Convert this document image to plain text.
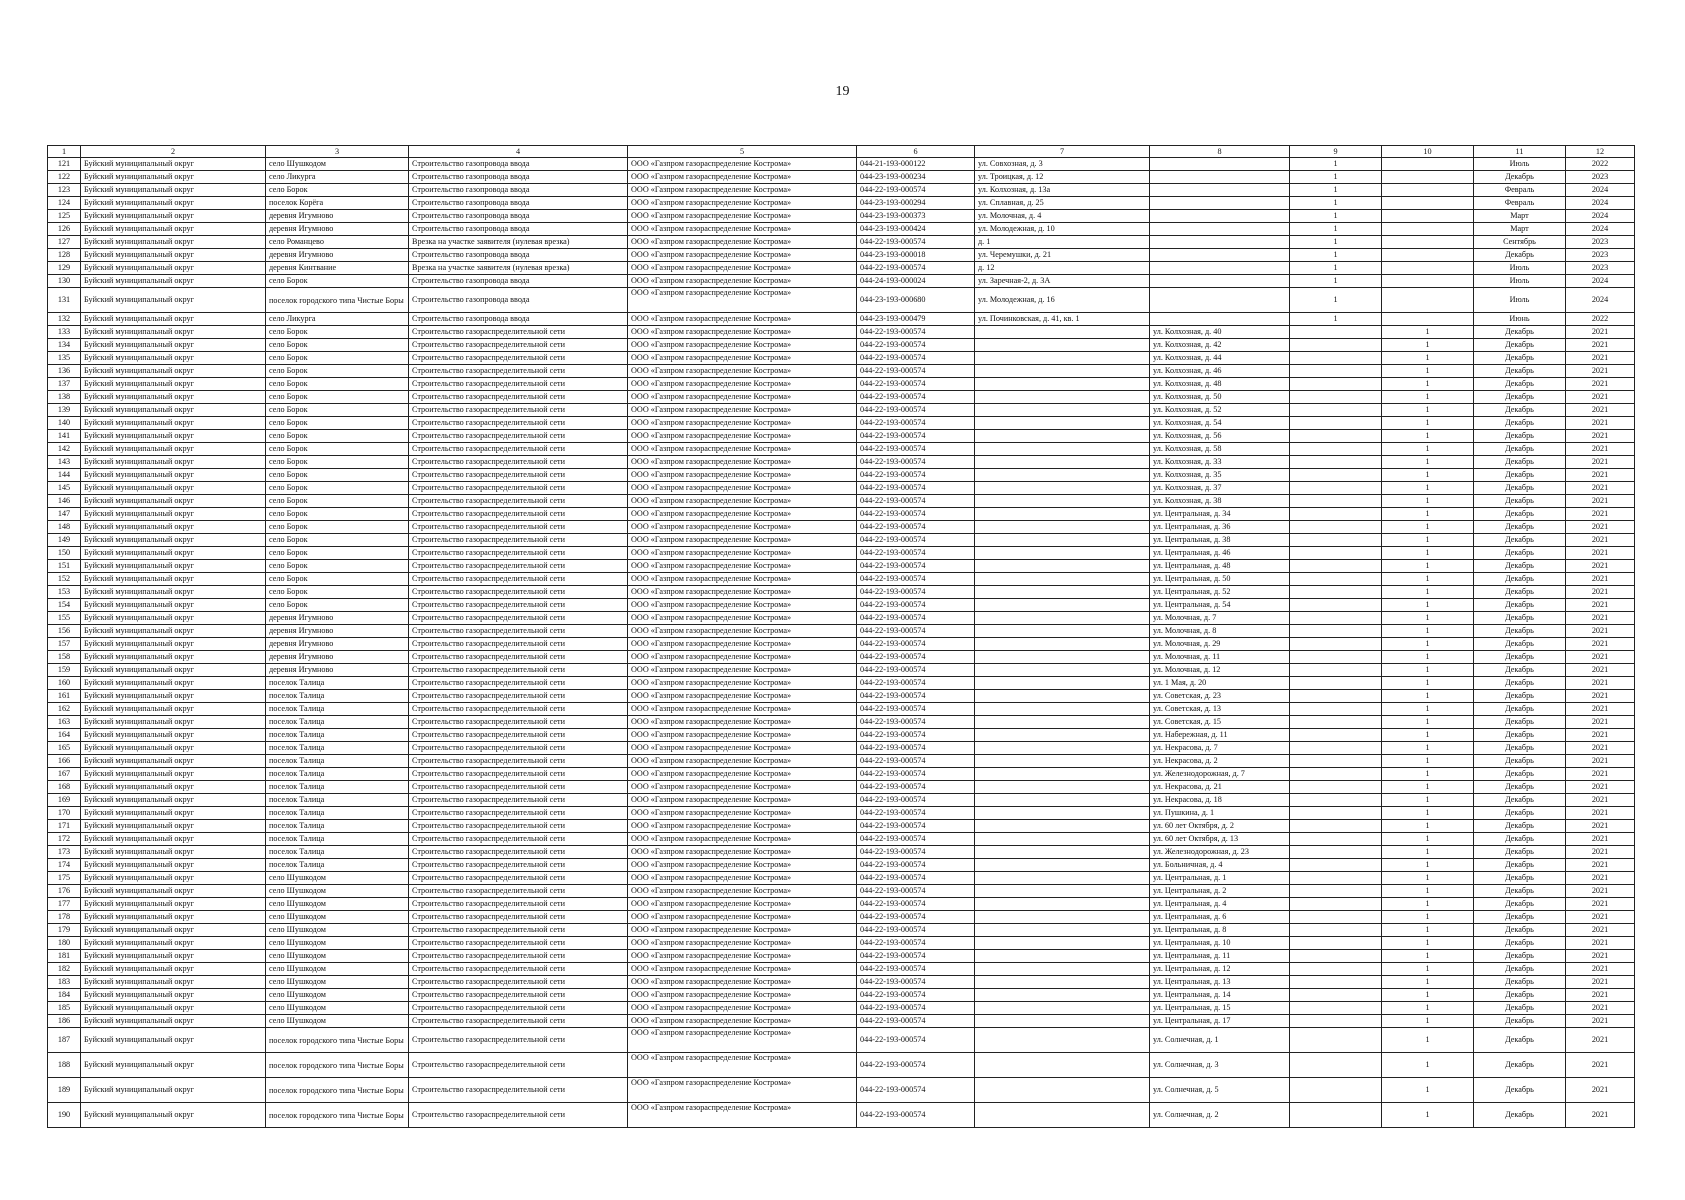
19
1	2	3	4	5	6	7	8	9	10	11	12
121	Буйский муниципальный округ	село Шушкодом	Строительство газопровода ввода	ООО «Газпром газораспределение Кострома»	044-21-193-000122	ул. Совхозная, д. 3		1		Июль	2022
122	Буйский муниципальный округ	село Ликурга	Строительство газопровода ввода	ООО «Газпром газораспределение Кострома»	044-23-193-000234	ул. Троицкая, д. 12		1		Декабрь	2023
123	Буйский муниципальный округ	село Борок	Строительство газопровода ввода	ООО «Газпром газораспределение Кострома»	044-22-193-000574	ул. Колхозная, д. 13а		1		Февраль	2024
124	Буйский муниципальный округ	поселок Корёга	Строительство газопровода ввода	ООО «Газпром газораспределение Кострома»	044-23-193-000294	ул. Сплавная, д. 25		1		Февраль	2024
125	Буйский муниципальный округ	деревня Игумново	Строительство газопровода ввода	ООО «Газпром газораспределение Кострома»	044-23-193-000373	ул. Молочная, д. 4		1		Март	2024
126	Буйский муниципальный округ	деревня Игумново	Строительство газопровода ввода	ООО «Газпром газораспределение Кострома»	044-23-193-000424	ул. Молодежная, д. 10		1		Март	2024
127	Буйский муниципальный округ	село Романцево	Врезка на участке заявителя (нулевая врезка)	ООО «Газпром газораспределение Кострома»	044-22-193-000574	д. 1		1		Сентябрь	2023
128	Буйский муниципальный округ	деревня Игумново	Строительство газопровода ввода	ООО «Газпром газораспределение Кострома»	044-23-193-000018	ул. Черемушки, д. 21		1		Декабрь	2023
129	Буйский муниципальный округ	деревня Кинтвание	Врезка на участке заявителя (нулевая врезка)	ООО «Газпром газораспределение Кострома»	044-22-193-000574	д. 12		1		Июль	2023
130	Буйский муниципальный округ	село Борок	Строительство газопровода ввода	ООО «Газпром газораспределение Кострома»	044-24-193-000024	ул. Заречная-2, д. 3А		1		Июль	2024
131	Буйский муниципальный округ	поселок городского типа Чистые Боры	Строительство газопровода ввода	ООО «Газпром газораспределение Кострома»	044-23-193-000680	ул. Молодежная, д. 16		1		Июль	2024
132	Буйский муниципальный округ	село Ликурга	Строительство газопровода ввода	ООО «Газпром газораспределение Кострома»	044-23-193-000479	ул. Починковская, д. 41, кв. 1		1		Июнь	2022
133	Буйский муниципальный округ	село Борок	Строительство газораспределительной сети	ООО «Газпром газораспределение Кострома»	044-22-193-000574		ул. Колхозная, д. 40		1	Декабрь	2021
134	Буйский муниципальный округ	село Борок	Строительство газораспределительной сети	ООО «Газпром газораспределение Кострома»	044-22-193-000574		ул. Колхозная, д. 42		1	Декабрь	2021
135	Буйский муниципальный округ	село Борок	Строительство газораспределительной сети	ООО «Газпром газораспределение Кострома»	044-22-193-000574		ул. Колхозная, д. 44		1	Декабрь	2021
136	Буйский муниципальный округ	село Борок	Строительство газораспределительной сети	ООО «Газпром газораспределение Кострома»	044-22-193-000574		ул. Колхозная, д. 46		1	Декабрь	2021
137	Буйский муниципальный округ	село Борок	Строительство газораспределительной сети	ООО «Газпром газораспределение Кострома»	044-22-193-000574		ул. Колхозная, д. 48		1	Декабрь	2021
138	Буйский муниципальный округ	село Борок	Строительство газораспределительной сети	ООО «Газпром газораспределение Кострома»	044-22-193-000574		ул. Колхозная, д. 50		1	Декабрь	2021
139	Буйский муниципальный округ	село Борок	Строительство газораспределительной сети	ООО «Газпром газораспределение Кострома»	044-22-193-000574		ул. Колхозная, д. 52		1	Декабрь	2021
140	Буйский муниципальный округ	село Борок	Строительство газораспределительной сети	ООО «Газпром газораспределение Кострома»	044-22-193-000574		ул. Колхозная, д. 54		1	Декабрь	2021
141	Буйский муниципальный округ	село Борок	Строительство газораспределительной сети	ООО «Газпром газораспределение Кострома»	044-22-193-000574		ул. Колхозная, д. 56		1	Декабрь	2021
142	Буйский муниципальный округ	село Борок	Строительство газораспределительной сети	ООО «Газпром газораспределение Кострома»	044-22-193-000574		ул. Колхозная, д. 58		1	Декабрь	2021
143	Буйский муниципальный округ	село Борок	Строительство газораспределительной сети	ООО «Газпром газораспределение Кострома»	044-22-193-000574		ул. Колхозная, д. 33		1	Декабрь	2021
144	Буйский муниципальный округ	село Борок	Строительство газораспределительной сети	ООО «Газпром газораспределение Кострома»	044-22-193-000574		ул. Колхозная, д. 35		1	Декабрь	2021
145	Буйский муниципальный округ	село Борок	Строительство газораспределительной сети	ООО «Газпром газораспределение Кострома»	044-22-193-000574		ул. Колхозная, д. 37		1	Декабрь	2021
146	Буйский муниципальный округ	село Борок	Строительство газораспределительной сети	ООО «Газпром газораспределение Кострома»	044-22-193-000574		ул. Колхозная, д. 38		1	Декабрь	2021
147	Буйский муниципальный округ	село Борок	Строительство газораспределительной сети	ООО «Газпром газораспределение Кострома»	044-22-193-000574		ул. Центральная, д. 34		1	Декабрь	2021
148	Буйский муниципальный округ	село Борок	Строительство газораспределительной сети	ООО «Газпром газораспределение Кострома»	044-22-193-000574		ул. Центральная, д. 36		1	Декабрь	2021
149	Буйский муниципальный округ	село Борок	Строительство газораспределительной сети	ООО «Газпром газораспределение Кострома»	044-22-193-000574		ул. Центральная, д. 38		1	Декабрь	2021
150	Буйский муниципальный округ	село Борок	Строительство газораспределительной сети	ООО «Газпром газораспределение Кострома»	044-22-193-000574		ул. Центральная, д. 46		1	Декабрь	2021
151	Буйский муниципальный округ	село Борок	Строительство газораспределительной сети	ООО «Газпром газораспределение Кострома»	044-22-193-000574		ул. Центральная, д. 48		1	Декабрь	2021
152	Буйский муниципальный округ	село Борок	Строительство газораспределительной сети	ООО «Газпром газораспределение Кострома»	044-22-193-000574		ул. Центральная, д. 50		1	Декабрь	2021
153	Буйский муниципальный округ	село Борок	Строительство газораспределительной сети	ООО «Газпром газораспределение Кострома»	044-22-193-000574		ул. Центральная, д. 52		1	Декабрь	2021
154	Буйский муниципальный округ	село Борок	Строительство газораспределительной сети	ООО «Газпром газораспределение Кострома»	044-22-193-000574		ул. Центральная, д. 54		1	Декабрь	2021
155	Буйский муниципальный округ	деревня Игумново	Строительство газораспределительной сети	ООО «Газпром газораспределение Кострома»	044-22-193-000574		ул. Молочная, д. 7		1	Декабрь	2021
156	Буйский муниципальный округ	деревня Игумново	Строительство газораспределительной сети	ООО «Газпром газораспределение Кострома»	044-22-193-000574		ул. Молочная, д. 8		1	Декабрь	2021
157	Буйский муниципальный округ	деревня Игумново	Строительство газораспределительной сети	ООО «Газпром газораспределение Кострома»	044-22-193-000574		ул. Молочная, д. 29		1	Декабрь	2021
158	Буйский муниципальный округ	деревня Игумново	Строительство газораспределительной сети	ООО «Газпром газораспределение Кострома»	044-22-193-000574		ул. Молочная, д. 11		1	Декабрь	2021
159	Буйский муниципальный округ	деревня Игумново	Строительство газораспределительной сети	ООО «Газпром газораспределение Кострома»	044-22-193-000574		ул. Молочная, д. 12		1	Декабрь	2021
160	Буйский муниципальный округ	поселок Талица	Строительство газораспределительной сети	ООО «Газпром газораспределение Кострома»	044-22-193-000574		ул. 1 Мая, д. 20		1	Декабрь	2021
161	Буйский муниципальный округ	поселок Талица	Строительство газораспределительной сети	ООО «Газпром газораспределение Кострома»	044-22-193-000574		ул. Советская, д. 23		1	Декабрь	2021
162	Буйский муниципальный округ	поселок Талица	Строительство газораспределительной сети	ООО «Газпром газораспределение Кострома»	044-22-193-000574		ул. Советская, д. 13		1	Декабрь	2021
163	Буйский муниципальный округ	поселок Талица	Строительство газораспределительной сети	ООО «Газпром газораспределение Кострома»	044-22-193-000574		ул. Советская, д. 15		1	Декабрь	2021
164	Буйский муниципальный округ	поселок Талица	Строительство газораспределительной сети	ООО «Газпром газораспределение Кострома»	044-22-193-000574		ул. Набережная, д. 11		1	Декабрь	2021
165	Буйский муниципальный округ	поселок Талица	Строительство газораспределительной сети	ООО «Газпром газораспределение Кострома»	044-22-193-000574		ул. Некрасова, д. 7		1	Декабрь	2021
166	Буйский муниципальный округ	поселок Талица	Строительство газораспределительной сети	ООО «Газпром газораспределение Кострома»	044-22-193-000574		ул. Некрасова, д. 2		1	Декабрь	2021
167	Буйский муниципальный округ	поселок Талица	Строительство газораспределительной сети	ООО «Газпром газораспределение Кострома»	044-22-193-000574		ул. Железнодорожная, д. 7		1	Декабрь	2021
168	Буйский муниципальный округ	поселок Талица	Строительство газораспределительной сети	ООО «Газпром газораспределение Кострома»	044-22-193-000574		ул. Некрасова, д. 21		1	Декабрь	2021
169	Буйский муниципальный округ	поселок Талица	Строительство газораспределительной сети	ООО «Газпром газораспределение Кострома»	044-22-193-000574		ул. Некрасова, д. 18		1	Декабрь	2021
170	Буйский муниципальный округ	поселок Талица	Строительство газораспределительной сети	ООО «Газпром газораспределение Кострома»	044-22-193-000574		ул. Пушкина, д. 1		1	Декабрь	2021
171	Буйский муниципальный округ	поселок Талица	Строительство газораспределительной сети	ООО «Газпром газораспределение Кострома»	044-22-193-000574		ул. 60 лет Октября, д. 2		1	Декабрь	2021
172	Буйский муниципальный округ	поселок Талица	Строительство газораспределительной сети	ООО «Газпром газораспределение Кострома»	044-22-193-000574		ул. 60 лет Октября, д. 13		1	Декабрь	2021
173	Буйский муниципальный округ	поселок Талица	Строительство газораспределительной сети	ООО «Газпром газораспределение Кострома»	044-22-193-000574		ул. Железнодорожная, д. 23		1	Декабрь	2021
174	Буйский муниципальный округ	поселок Талица	Строительство газораспределительной сети	ООО «Газпром газораспределение Кострома»	044-22-193-000574		ул. Больничная, д. 4		1	Декабрь	2021
175	Буйский муниципальный округ	село Шушкодом	Строительство газораспределительной сети	ООО «Газпром газораспределение Кострома»	044-22-193-000574		ул. Центральная, д. 1		1	Декабрь	2021
176	Буйский муниципальный округ	село Шушкодом	Строительство газораспределительной сети	ООО «Газпром газораспределение Кострома»	044-22-193-000574		ул. Центральная, д. 2		1	Декабрь	2021
177	Буйский муниципальный округ	село Шушкодом	Строительство газораспределительной сети	ООО «Газпром газораспределение Кострома»	044-22-193-000574		ул. Центральная, д. 4		1	Декабрь	2021
178	Буйский муниципальный округ	село Шушкодом	Строительство газораспределительной сети	ООО «Газпром газораспределение Кострома»	044-22-193-000574		ул. Центральная, д. 6		1	Декабрь	2021
179	Буйский муниципальный округ	село Шушкодом	Строительство газораспределительной сети	ООО «Газпром газораспределение Кострома»	044-22-193-000574		ул. Центральная, д. 8		1	Декабрь	2021
180	Буйский муниципальный округ	село Шушкодом	Строительство газораспределительной сети	ООО «Газпром газораспределение Кострома»	044-22-193-000574		ул. Центральная, д. 10		1	Декабрь	2021
181	Буйский муниципальный округ	село Шушкодом	Строительство газораспределительной сети	ООО «Газпром газораспределение Кострома»	044-22-193-000574		ул. Центральная, д. 11		1	Декабрь	2021
182	Буйский муниципальный округ	село Шушкодом	Строительство газораспределительной сети	ООО «Газпром газораспределение Кострома»	044-22-193-000574		ул. Центральная, д. 12		1	Декабрь	2021
183	Буйский муниципальный округ	село Шушкодом	Строительство газораспределительной сети	ООО «Газпром газораспределение Кострома»	044-22-193-000574		ул. Центральная, д. 13		1	Декабрь	2021
184	Буйский муниципальный округ	село Шушкодом	Строительство газораспределительной сети	ООО «Газпром газораспределение Кострома»	044-22-193-000574		ул. Центральная, д. 14		1	Декабрь	2021
185	Буйский муниципальный округ	село Шушкодом	Строительство газораспределительной сети	ООО «Газпром газораспределение Кострома»	044-22-193-000574		ул. Центральная, д. 15		1	Декабрь	2021
186	Буйский муниципальный округ	село Шушкодом	Строительство газораспределительной сети	ООО «Газпром газораспределение Кострома»	044-22-193-000574		ул. Центральная, д. 17		1	Декабрь	2021
187	Буйский муниципальный округ	поселок городского типа Чистые Боры	Строительство газораспределительной сети	ООО «Газпром газораспределение Кострома»	044-22-193-000574		ул. Солнечная, д. 1		1	Декабрь	2021
188	Буйский муниципальный округ	поселок городского типа Чистые Боры	Строительство газораспределительной сети	ООО «Газпром газораспределение Кострома»	044-22-193-000574		ул. Солнечная, д. 3		1	Декабрь	2021
189	Буйский муниципальный округ	поселок городского типа Чистые Боры	Строительство газораспределительной сети	ООО «Газпром газораспределение Кострома»	044-22-193-000574		ул. Солнечная, д. 5		1	Декабрь	2021
190	Буйский муниципальный округ	поселок городского типа Чистые Боры	Строительство газораспределительной сети	ООО «Газпром газораспределение Кострома»	044-22-193-000574		ул. Солнечная, д. 2		1	Декабрь	2021
